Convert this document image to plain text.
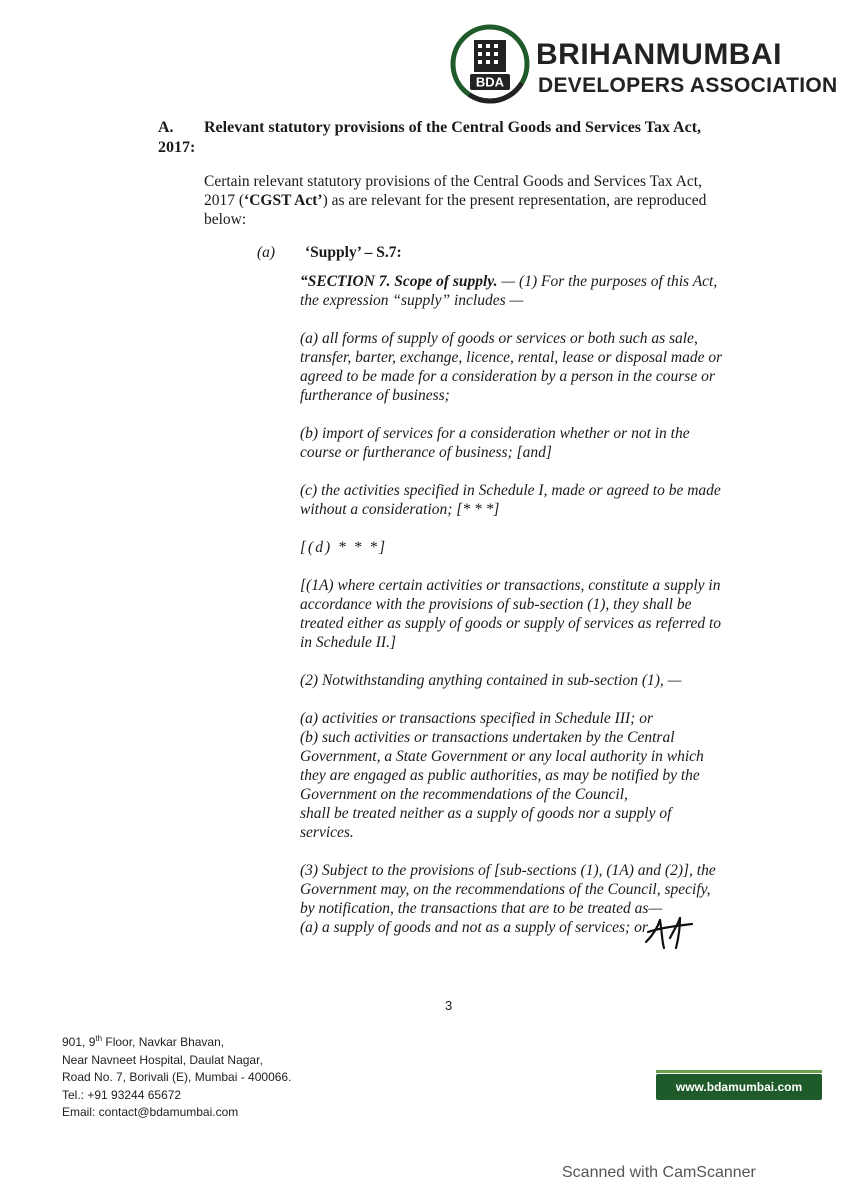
BDA
BRIHANMUMBAI
DEVELOPERS ASSOCIATION
A. Relevant statutory provisions of the Central Goods and Services Tax Act,
2017:
Certain relevant statutory provisions of the Central Goods and Services Tax Act, 2017 (‘CGST Act’) as are relevant for the present representation, are reproduced below:
(a) ‘Supply’ – S.7:

“SECTION 7. Scope of supply. — (1) For the purposes of this Act, the expression “supply” includes —

(a) all forms of supply of goods or services or both such as sale, transfer, barter, exchange, licence, rental, lease or disposal made or agreed to be made for a consideration by a person in the course or furtherance of business;

(b) import of services for a consideration whether or not in the course or furtherance of business; [and]

(c) the activities specified in Schedule I, made or agreed to be made without a consideration; [* * *]

[(d) * * *]

[(1A) where certain activities or transactions, constitute a supply in accordance with the provisions of sub-section (1), they shall be treated either as supply of goods or supply of services as referred to in Schedule II.]

(2) Notwithstanding anything contained in sub-section (1), —

(a) activities or transactions specified in Schedule III; or

(b) such activities or transactions undertaken by the Central Government, a State Government or any local authority in which they are engaged as public authorities, as may be notified by the Government on the recommendations of the Council,

shall be treated neither as a supply of goods nor a supply of services.

(3) Subject to the provisions of [sub-sections (1), (1A) and (2)], the Government may, on the recommendations of the Council, specify, by notification, the transactions that are to be treated as—

(a) a supply of goods and not as a supply of services; or

3
901, 9th Floor, Navkar Bhavan,
Near Navneet Hospital, Daulat Nagar,
Road No. 7, Borivali (E), Mumbai - 400066.
Tel.: +91 93244 65672
Email: contact@bdamumbai.com
www.bdamumbai.com
Scanned with CamScanner
